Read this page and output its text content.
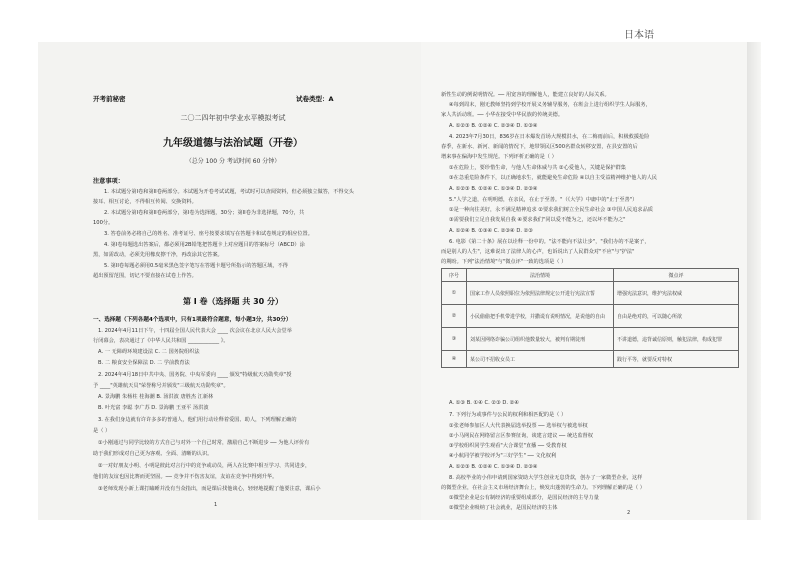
日本语
开考前秘密	试卷类型：A
二〇二四年初中学业水平模拟考试
九年级道德与法治试题（开卷）
（总分 100 分 考试时间 60 分钟）
注意事项：
1. 本试题分第I卷和第II卷两部分。本试题为开卷考试试题，考试时可以查阅资料，但必须独立做答，不得交头
接耳、相互讨论，不得相互传阅、交换资料。
2. 本试题分第I卷和第II卷两部分，第I卷为选择题，30分；第II卷为非选择题，70分，共
100分。
3. 答卷前务必将自己的姓名、准考证号、座号按要求填写在答题卡和试卷规定的相应位置。
4. 第I卷每题选出答案后，都必须用2B铅笔把答题卡上对应题目的答案标号（ABCD）涂
黑，如需改动，必须先用橡皮擦干净，再改涂其它答案。
5. 第II卷每题必须用0.5毫米黑色签字笔写在答题卡题号所指示的答题区域，不得
超出预留范围，切记不要直接在试卷上作答。
第 I 卷（选择题 共 30 分）
一、选择题（下列各题4个选项中，只有1项最符合题意，每小题3分，共30分）
1. 2024年4月11日下午，十四届全国人民代表大会 ____ 次会议在北京人民大会堂举
行闭幕会，表决通过了《中华人民共和国 ____________ 》。
A. 一 无障碍环境建设法 C. 二 国务院组织法
B. 二 粮食安全保障法 D. 二 学前教育法
2. 2024年4月18日中共中央、国务院、中央军委向 ____ 颁发"特级航天功勋奖章"授
予 ____"英雄航天员"荣誉称号并颁发"三级航天功勋奖章"。
A. 景海鹏 朱杨柱 桂海潮 B. 汤洪波 唐胜杰 江新林
B. 叶光富 李聪 李广苏 D. 景海鹏 王亚平 汤洪波
3. 在我们身边就有许许多多的普通人，他们用行动诠释着爱国、助人，下列理解正确的
是（ ）
①小刚通过与同学比较的方式自己与对外一个自己时常，激励自己不断进步 ── 为他人评价有
助于我们形成对自己更为客观、全面、清晰的认识。
②一对好朋友小明、小明是彼此对言行中的竞争或动员，两人在比赛中相互学习、共同进步，
他们的友谊也因比赛而更坚固。── 竞争并不伤害友谊，友谊在竞争中得到升华。
③老师发现小新上课打瞌睡并没有当众指出，而是课后找他谈心，轻轻地提醒了他要注意，课后小
1
新性生动的例说明情况。── 用宽容的理解他人，能建立良好的人际关系。
④每到周末，刚无教师坚持到学校开展义务辅导服务，在班会上进行组织学生人际服务，
家人共活动班。── 小华在接受中华民族的传统美德。
A. ①②③ B. ①②④ C. ②③④ D. ①③④
4. 2023年7月30日，836岁在日本爆发首场大规模洪水，在二梅雨前后，积极救援抢险
春季，在新水、新河、新闻的情况下，地带领民区500名群众转移安置，在县安置的后
增来事在偏海中发生规范。下列评析正确的是（ ）
①在危险上，要珍惜生命，与他人生命体威与共 ②心爱他人，关键是保护群集
③在急重危险条件下，以正确地求生，就能避免生命危险 ④以自主受益精神维护他人的人民
A. ①②③ B. ①②④ C. ①③④ D. ②③④
5."人学之道，在明明德，在亲民，在止于至善。"（《大学》中庸中的"止于至善"）
①是一种向往美好，永不满足精神追求 ②要求我们树立全民生命社会 ③中国人民追求品质
③需要我们立足自我发展自我 ④要求我们"同以爱不能为之，还以坏不能为之"
A. ①②④ B. ①③④ C. ②③④ D. ②③
6. 电影《第二十条》展在以诠释一份中的。"法不能向不法让步"，"我们办的不是案子，
而是别人的人生"，这难说出了法律人的心声，也诉说出了人民群众对"不应"与"护法"
的期盼。下列"法治情境"与"微点评"一致的选项是（ ）
序号	法治情境	微点评
①	国家工作人员依照职位为依照法律规定公开进行宪法宣誓	增强宪法意识，维护宪法权威
②	小民偷偷把手机带进学校，并撒谎有说明情况，是说他的自由	自由是绝对的，可以随心所欲
③	刘某因网络诈骗公司组织他数量较大，被判有期徒刑	不讲道德，违背诚信原则，触犯法律，构成犯罪
④	某公司不招收女员工	践行平等，就要反对特权
A. ①③ B. ①④ C. ②③ D. ②④
7. 下列行为或事件与公民的权利和相匹配的是（ ）
①张老师参加区人大代表换届选举投票 ── 选举权与被选举权
②小马网民在网络留言区参赛征询，谈建言建议 ── 统达监督权
③学校组织同学生观看"大合课堂"直播 ── 受教育权
④小航同学被学校评为"三好学生" ── 文化权利
A. ①②③ B. ①②④ C. ①③④ D. ②③④
8. 高校毕业的小伟申请到国家资助大学生创业无息贷款，创办了一家微型企业，这样
的微型企业，在社会主义市场经济舞台上，焕发出蓬勃的生命力。下列理解正确的是（ ）
①微型企业是公有制经济的重要组成部分，是国民经济的主导力量
②微型企业吸纳了社会就业，是国民经济的主体
2
